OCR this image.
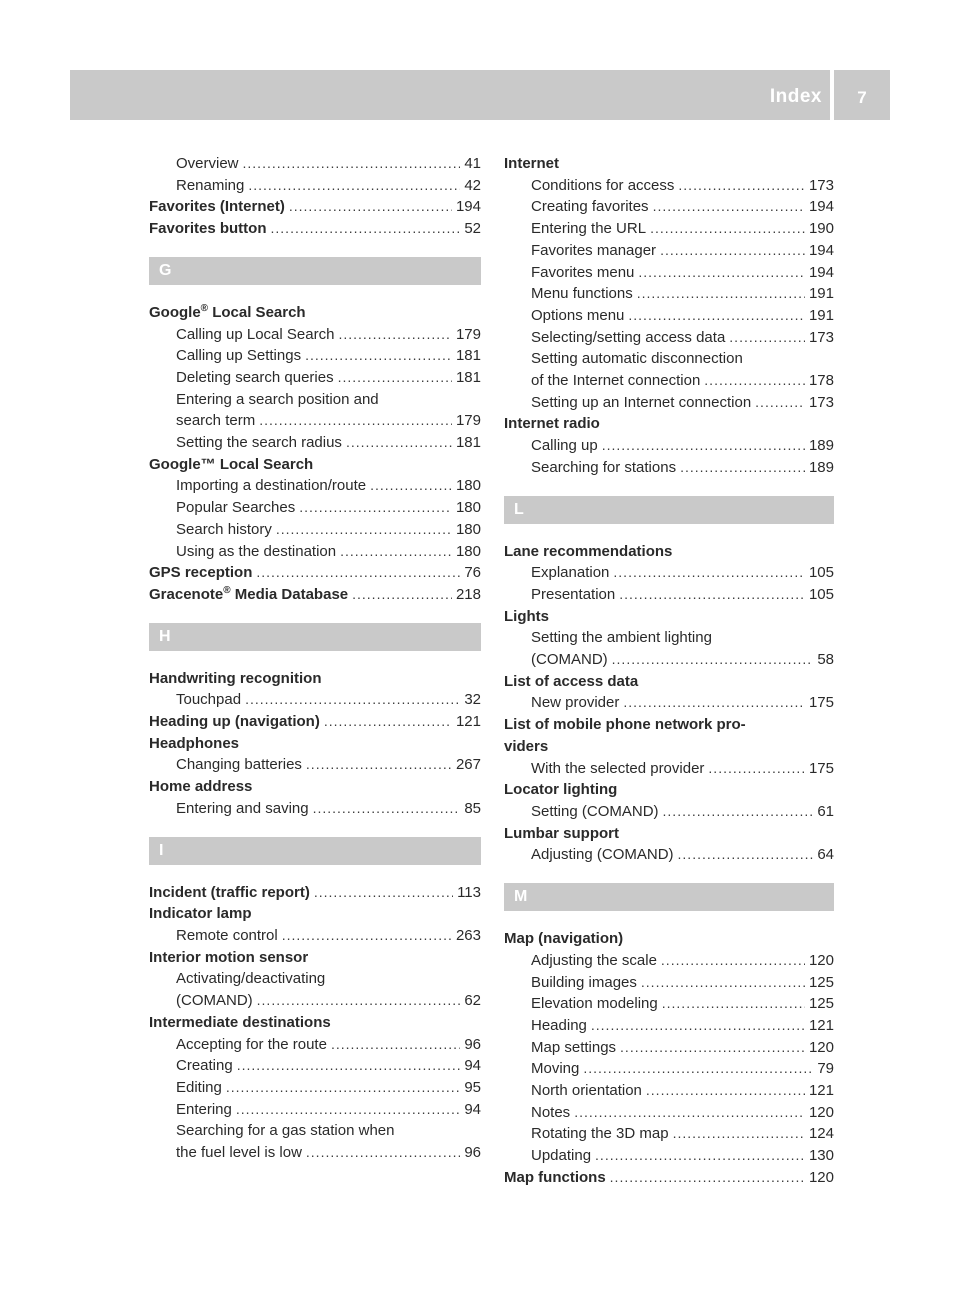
Index	7
Overview .....	41
Renaming .....	42
Favorites (Internet) .....	194
Favorites button .....	52
G
Google® Local Search
Calling up Local Search .....	179
Calling up Settings .....	181
Deleting search queries .....	181
Entering a search position and
search term .....	179
Setting the search radius .....	181
Google™ Local Search
Importing a destination/route .....	180
Popular Searches .....	180
Search history .....	180
Using as the destination .....	180
GPS reception .....	76
Gracenote® Media Database .....	218
H
Handwriting recognition
Touchpad .....	32
Heading up (navigation) .....	121
Headphones
Changing batteries .....	267
Home address
Entering and saving .....	85
I
Incident (traffic report) .....	113
Indicator lamp
Remote control .....	263
Interior motion sensor
Activating/deactivating
(COMAND) .....	62
Intermediate destinations
Accepting for the route .....	96
Creating .....	94
Editing .....	95
Entering .....	94
Searching for a gas station when
the fuel level is low .....	96
Internet
Conditions for access .....	173
Creating favorites .....	194
Entering the URL .....	190
Favorites manager .....	194
Favorites menu .....	194
Menu functions .....	191
Options menu .....	191
Selecting/setting access data .....	173
Setting automatic disconnection
of the Internet connection .....	178
Setting up an Internet connection .....	173
Internet radio
Calling up .....	189
Searching for stations .....	189
L
Lane recommendations
Explanation .....	105
Presentation .....	105
Lights
Setting the ambient lighting
(COMAND) .....	58
List of access data
New provider .....	175
List of mobile phone network pro-
viders
With the selected provider .....	175
Locator lighting
Setting (COMAND) .....	61
Lumbar support
Adjusting (COMAND) .....	64
M
Map (navigation)
Adjusting the scale .....	120
Building images .....	125
Elevation modeling .....	125
Heading .....	121
Map settings .....	120
Moving .....	79
North orientation .....	121
Notes .....	120
Rotating the 3D map .....	124
Updating .....	130
Map functions .....	120
